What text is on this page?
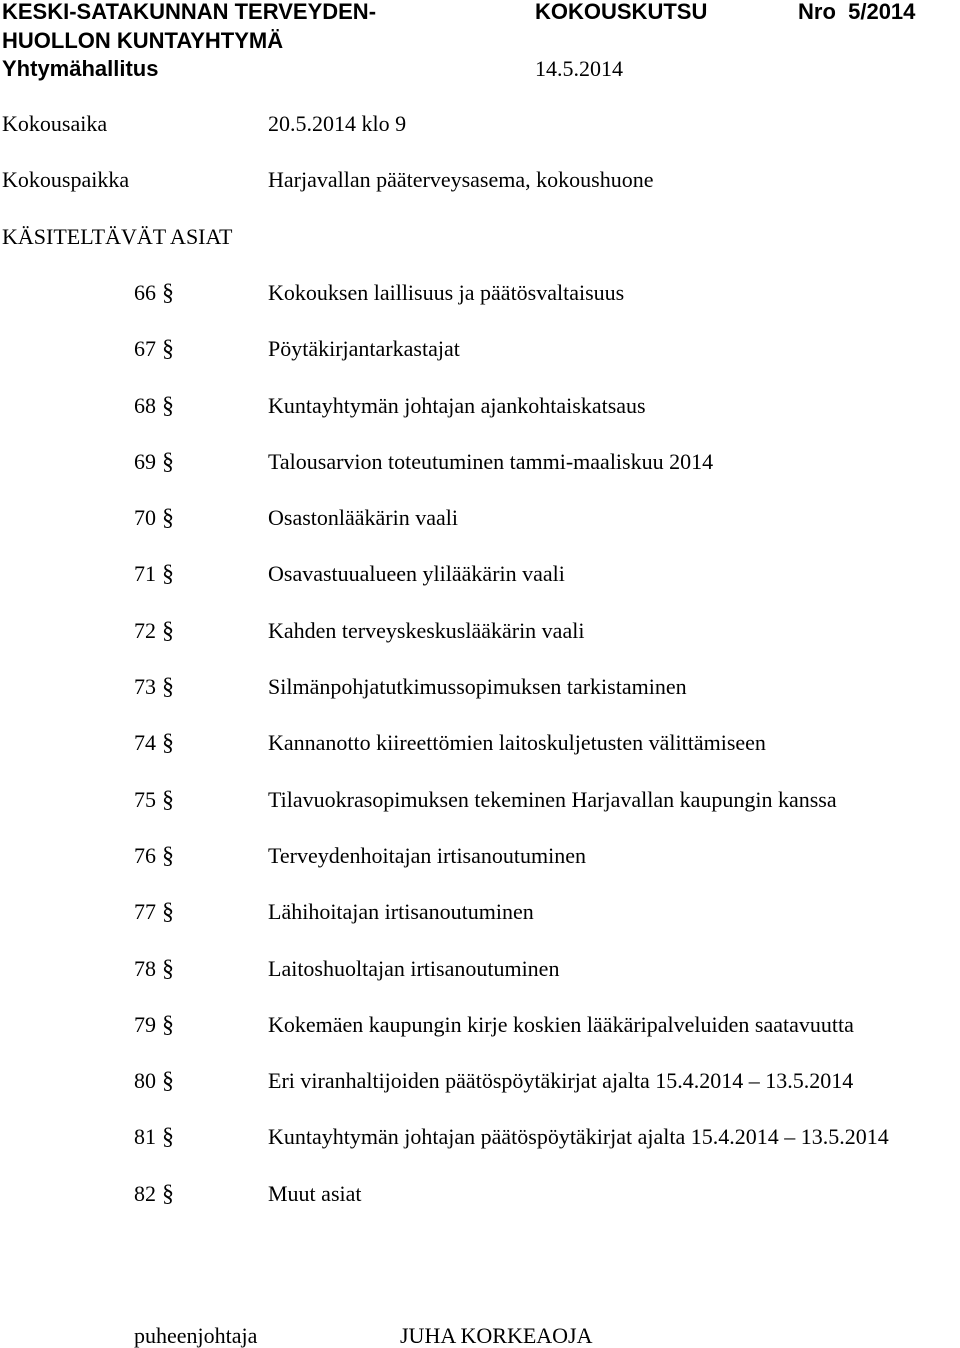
KESKI-SATAKUNNAN TERVEYDEN-
HUOLLON KUNTAYHTYMÄ
Yhtymähallitus
KOKOUSKUTSU	Nro  5/2014
14.5.2014
Kokousaika	20.5.2014 klo 9
Kokouspaikka	Harjavallan pääterveysasema, kokoushuone
KÄSITELTÄVÄT ASIAT
66 §	Kokouksen laillisuus ja päätösvaltaisuus
67 §	Pöytäkirjantarkastajat
68 §	Kuntayhtymän johtajan ajankohtaiskatsaus
69 §	Talousarvion toteutuminen tammi-maaliskuu 2014
70 §	Osastonlääkärin vaali
71 §	Osavastuualueen ylilääkärin vaali
72 §	Kahden terveyskeskuslääkärin vaali
73 §	Silmänpohjatutkimussopimuksen tarkistaminen
74 §	Kannanotto kiireettömien laitoskuljetusten välittämiseen
75 §	Tilavuokrasopimuksen tekeminen Harjavallan kaupungin kanssa
76 §	Terveydenhoitajan irtisanoutuminen
77 §	Lähihoitajan irtisanoutuminen
78 §	Laitoshuoltajan irtisanoutuminen
79 §	Kokemäen kaupungin kirje koskien lääkäripalveluiden saatavuutta
80 §	Eri viranhaltijoiden päätöspöytäkirjat ajalta 15.4.2014 – 13.5.2014
81 §	Kuntayhtymän johtajan päätöspöytäkirjat ajalta 15.4.2014 – 13.5.2014
82 §	Muut asiat
puheenjohtaja	JUHA KORKEAOJA
